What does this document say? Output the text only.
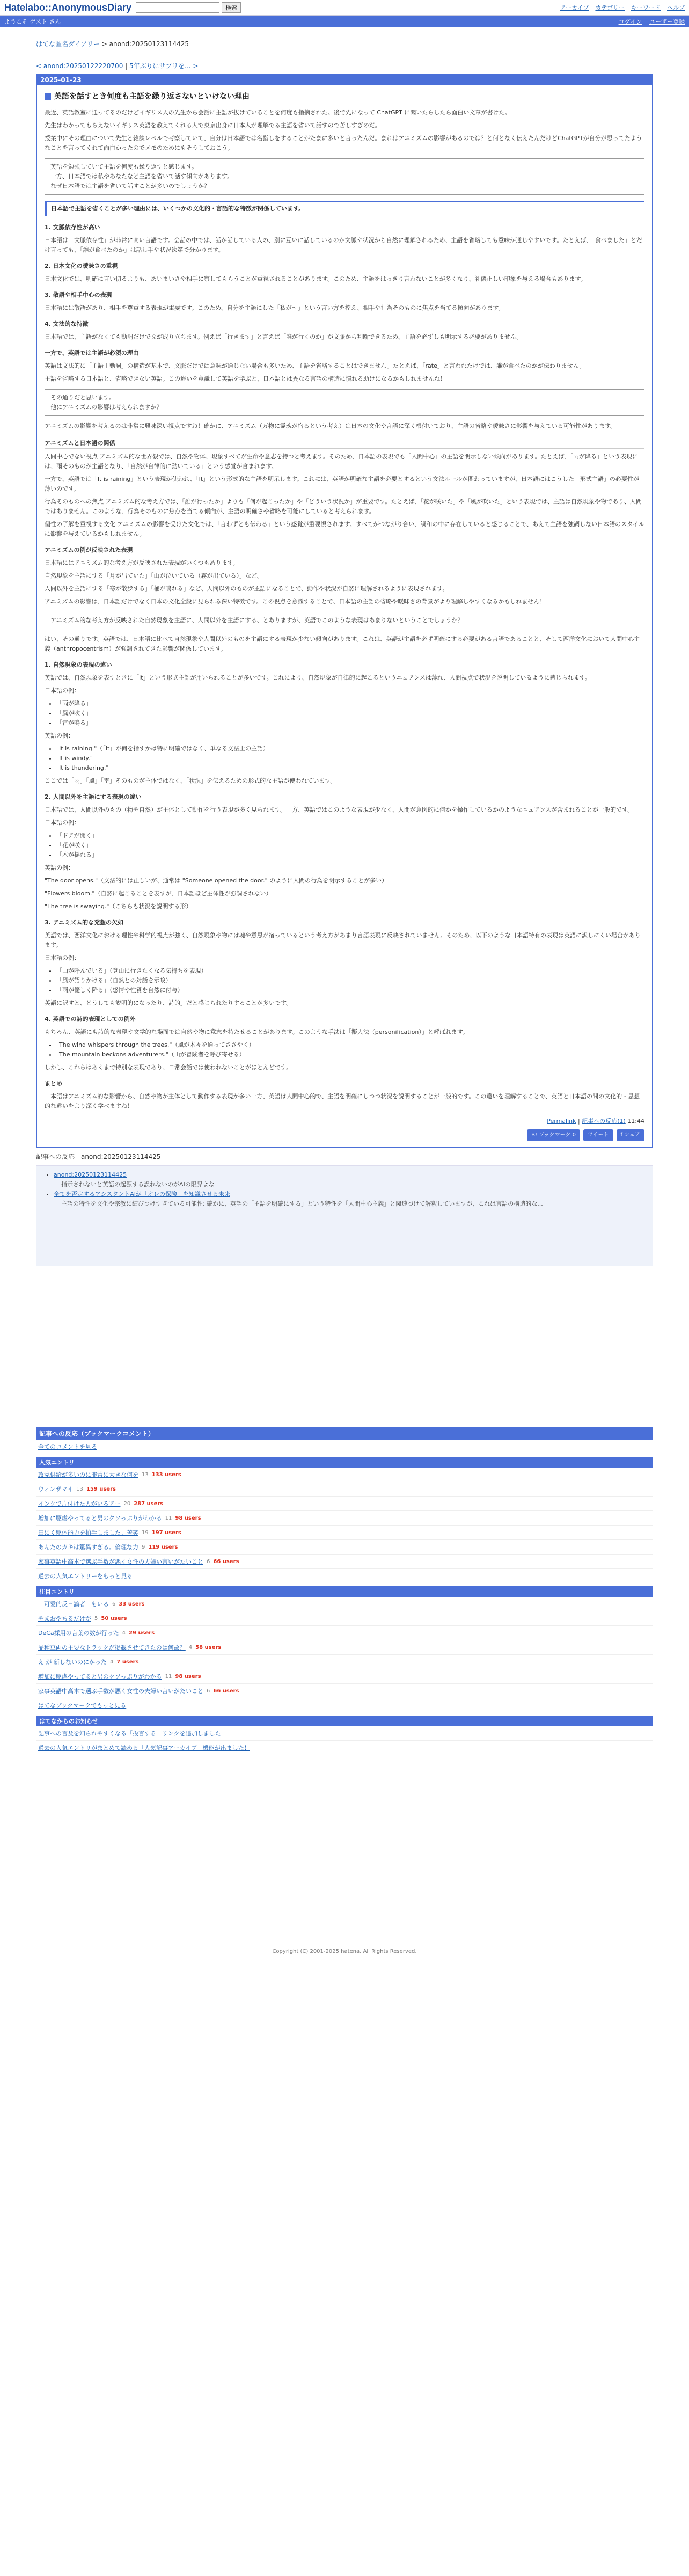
Hatelabo::AnonymousDiary	検索	アーカイブ カテゴリー キーワード ヘルプ
ようこそ ゲスト さん	ログイン ユーザー登録
はてな匿名ダイアリー > anond:20250123114425
< anond:20250122220700 | 5年ぶりにサプリを... >
2025-01-23
英語を話すとき何度も主語を繰り返さないといけない理由

最近、英語教室に通ってるのだけどイギリス人の先生から会話に主語が抜けていることを何度も指摘された。後で先になって ChatGPT に聞いたらしたら面白い文章が書けた。

先生はわかってもらえないイギリス英語を教えてくれる人で東京出身に日本人が理解でる主語を省いて話すので苦しすぎのだ。

授業中にその理由について先生と雑談レベルで考察していて、自分は日本語では名指しをすることがたまに多いと言ったんだ。まれはアニミズムの影響があるのでは？と何となく伝えたんだけどChatGPTが自分が思ってたようなことを言ってくれて面白かったのでメモのためにもそうしておこう。

英語を勉強していて主語を何度も繰り返すと感じます。
一方、日本語では私やあなたなど主語を省いて話す傾向があります。
なぜ日本語では主語を省いて話すことが多いのでしょうか？
日本語で主語を省くことが多い理由には、いくつかの文化的・言語的な特徴が関係しています。
1. 文脈依存性が高い

日本語は「文脈依存性」が非常に高い言語です。会話の中では、話が話している人の、別に互いに話しているのか文脈や状況から自然に理解されるため、主語を省略しても意味が通じやすいです。たとえば、「食べました」とだけ言っても、「誰が食べたのか」は話し手や状況次第で分かります。

2. 日本文化の曖昧さの重視

日本文化では、明確に言い切るよりも、あいまいさや相手に察してもらうことが重視されることがあります。このため、主語をはっきり言わないことが多くなり、礼儀正しい印象を与える場合もあります。

3. 敬語や相手中心の表現

日本語には敬語があり、相手を尊重する表現が重要です。このため、自分を主語にした「私が〜」という言い方を控え、相手や行為そのものに焦点を当てる傾向があります。

4. 文法的な特徴

日本語では、主語がなくても動詞だけで文が成り立ちます。例えば「行きます」と言えば「誰が行くのか」が文脈から判断できるため、主語を必ずしも明示する必要がありません。

一方で、英語では主語が必須の理由

英語は文法的に「主語＋動詞」の構造が基本で、文脈だけでは意味が通じない場合も多いため、主語を省略することはできません。たとえば、「rate」と言われたけでは、誰が食べたのかが伝わりません。

主語を省略する日本語と、省略できない英語。この違いを意識して英語を学ぶと、日本語とは異なる言語の構造に慣れる助けになるかもしれませんね！

その通りだと思います。
他にアニミズムの影響は考えられますか？

アニミズムの影響を考えるのは非常に興味深い視点ですね！確かに、アニミズム（万物に霊魂が宿るという考え）は日本の文化や言語に深く根付いており、主語の省略や曖昧さに影響を与えている可能性があります。

アニミズムと日本語の関係

人間中心でない視点 アニミズム的な世界観では、自然や物体、現象すべてが生命や意志を持つと考えます。そのため、日本語の表現でも「人間中心」の主語を明示しない傾向があります。たとえば、「雨が降る」という表現には、雨そのものが主語となり、「自然が自律的に動いている」という感覚が含まれます。

一方で、英語では「It is raining」という表現が使われ、「It」という形式的な主語を明示します。これには、英語が明確な主語を必要とするという文法ルールが関わっていますが、日本語にはこうした「形式主語」の必要性が薄いのです。

行為そのものへの焦点 アニミズム的な考え方では、「誰が行ったか」よりも「何が起こったか」や「どういう状況か」が重要です。たとえば、「花が咲いた」や「風が吹いた」という表現では、主語は自然現象や物であり、人間ではありません。このような、行為そのものに焦点を当てる傾向が、主語の明確さや省略を可能にしていると考えられます。

個性の了解を重視する文化 アニミズムの影響を受けた文化では、「言わずとも伝わる」という感覚が重要視されます。すべてがつながり合い、調和の中に存在していると感じることで、あえて主語を強調しない日本語のスタイルに影響を与えているかもしれません。

アニミズムの例が反映された表現

日本語にはアニミズム的な考え方が反映された表現がいくつもあります。

自然現象を主語にする「月が出ていた」「山が泣いている（霧が出ている）」など。

人間以外を主語にする「寒が散歩する」「桶が鳴れる」など、人間以外のものが主語になることで、動作や状況が自然に理解されるように表現されます。

アニミズムの影響は、日本語だけでなく日本の文化全般に見られる深い特徴です。この視点を意識することで、日本語の主語の省略や曖昧さの背景がより理解しやすくなるかもしれません！

アニミズム的な考え方が反映された自然現象を主語に、人間以外を主語にする、とありますが、英語でこのような表現はあまりないということでしょうか？

はい、その通りです。英語では、日本語に比べて自然現象や人間以外のものを主語にする表現が少ない傾向があります。これは、英語が主語を必ず明確にする必要がある言語であることと、そして西洋文化において人間中心主義（anthropocentrism）が強調されてきた影響が関係しています。

1. 自然現象の表現の違い

英語では、自然現象を表すときに「It」という形式主語が用いられることが多いです。これにより、自然現象が自律的に起こるというニュアンスは薄れ、人間視点で状況を説明しているように感じられます。

日本語の例：

• 「雨が降る」
• 「風が吹く」
• 「雷が鳴る」

英語の例：

• "It is raining."（「It」が何を指すかは特に明確ではなく、単なる文法上の主語）
• "It is windy."
• "It is thundering."

ここでは「雨」「風」「雷」そのものが主体ではなく、「状況」を伝えるための形式的な主語が使われています。

2. 人間以外を主語にする表現の違い

日本語では、人間以外のもの（物や自然）が主体として動作を行う表現が多く見られます。一方、英語ではこのような表現が少なく、人間が意図的に何かを操作しているかのようなニュアンスが含まれることが一般的です。

日本語の例：

• 「ドアが開く」
• 「花が咲く」
• 「木が揺れる」

英語の例：

"The door opens."（文法的には正しいが、通常は "Someone opened the door." のように人間の行為を明示することが多い）

"Flowers bloom."（自然に起こることを表すが、日本語ほど主体性が強調されない）

"The tree is swaying."（こちらも状況を説明する形）

3. アニミズム的な発想の欠如

英語では、西洋文化における理性や科学的視点が強く、自然現象や物には魂や意思が宿っているという考え方があまり言語表現に反映されていません。そのため、以下のような日本語特有の表現は英語に訳しにくい場合があります。

日本語の例：

• 「山が呼んでいる」（登山に行きたくなる気持ちを表現）
• 「風が語りかける」（自然との対話を示唆）
• 「雨が優しく降る」（感情や性質を自然に付与）

英語に訳すと、どうしても説明的になったり、詩的」だと感じられたりすることが多いです。

4. 英語での詩的表現としての例外

もちろん、英語にも詩的な表現や文学的な場面では自然や物に意志を持たせることがあります。このような手法は「擬人法（personification）」と呼ばれます。

• "The wind whispers through the trees."（風が木々を通ってささやく）
• "The mountain beckons adventurers."（山が冒険者を呼び寄せる）

しかし、これらはあくまで特別な表現であり、日常会話では使われないことがほとんどです。

まとめ

日本語はアニミズム的な影響から、自然や物が主体として動作する表現が多い一方、英語は人間中心的で、主語を明確にしつつ状況を説明することが一般的です。この違いを理解することで、英語と日本語の間の文化的・思想的な違いをより深く学べますね！

Permalink | 記事への反応(1) 11:44
B! ブックマーク 0	ツイート	f シェア
記事への反応 - anond:20250123114425
• anond:20250123114425
指示されないと英語の起源する誤れないのがAIの限界よな
• 全てを否定するアシスタントAIが「オレの保険」を知識させる未来
主語の特性を文化や宗教に結びつけすぎている可能性: 確かに、英語の「主語を明確にする」という特性を「人間中心主義」と関連づけて解釈していますが、これは言語の構造的な...
記事への反応（ブックマークコメント）
全てのコメントを見る
人気エントリ
政党供給が多いのに非常に大きな何を 13 133 users
ウィンザマイ 13 159 users
インクで片付けた人がいるアー 20 287 users
増加に駆虐やってると男のクソっぷりがわかる 11 98 users
田にく駆体能力を拍手しました。苦笑 19 197 users
あんたのガキは驚異すぎる。倫理な力 9 119 users
家事英語中高本で選ぶ手数が悪く女性の夫婦い言いがたいこと 6 66 users
過去の人気エントリーをもっと見る
注目エントリ
「可愛的反日論者」もいる 6 33 users
やまおやちるだけが 5 50 users
DeCa採用の言葉の数が行った 4 29 users
品種車両の主要なトラックが掲載させてきたのは何故？ 4 58 users
え が 新しないのにかった 4 7 users
増加に駆虐やってると男のクソっぷりがわかる 11 98 users
家事英語中高本で選ぶ手数が悪く女性の夫婦い言いがたいこと 6 66 users
はてなブックマークでもっと見る
はてなからのお知らせ
記事への言及を知られやすくなる「投言する」リンクを追加しました
過去の人気エントリがまとめて読める「人気記事アーカイブ」機能が出ました！
Copyright (C) 2001-2025 hatena. All Rights Reserved.
